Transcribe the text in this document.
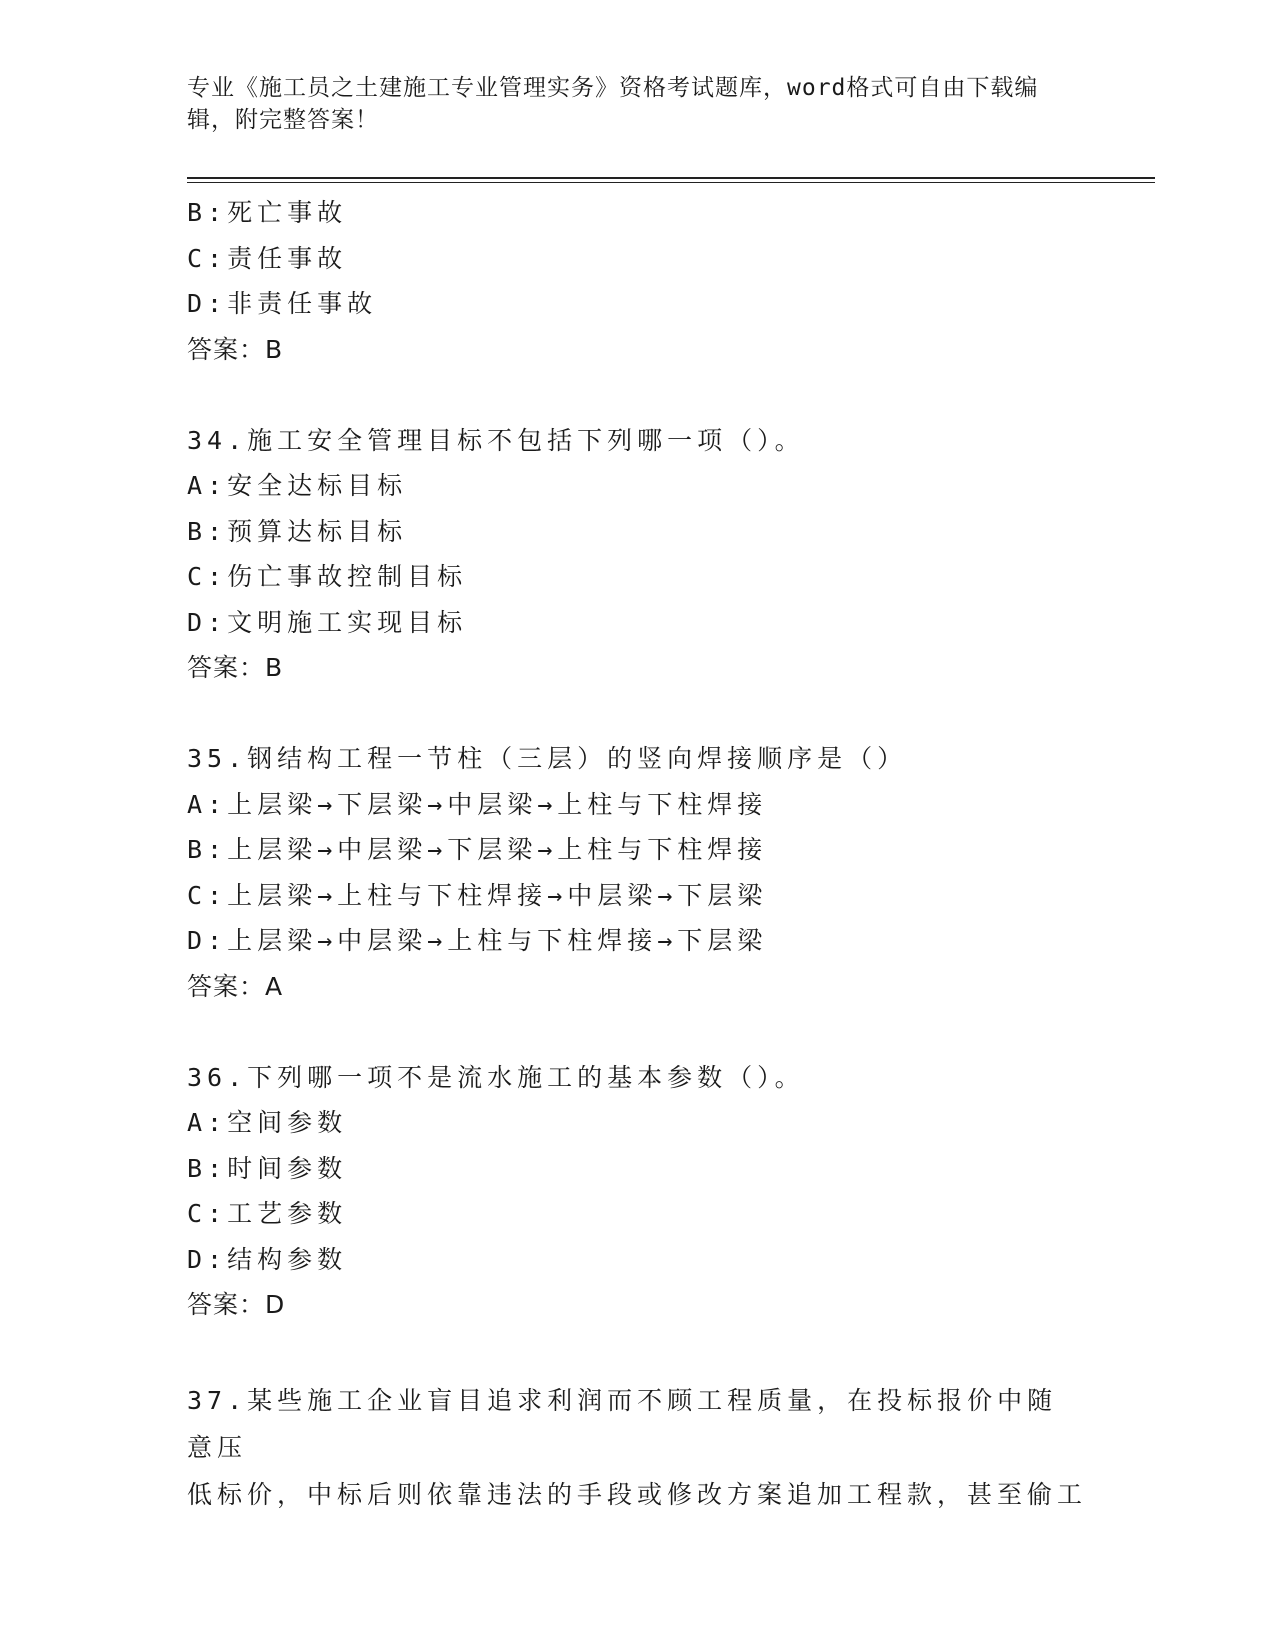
专业《施工员之土建施工专业管理实务》资格考试题库，word格式可自由下载编
辑，附完整答案！
B:死亡事故
C:责任事故
D:非责任事故
答案：B
34.施工安全管理目标不包括下列哪一项（）。
A:安全达标目标
B:预算达标目标
C:伤亡事故控制目标
D:文明施工实现目标
答案：B
35.钢结构工程一节柱（三层）的竖向焊接顺序是（）
A:上层梁→下层梁→中层梁→上柱与下柱焊接
B:上层梁→中层梁→下层梁→上柱与下柱焊接
C:上层梁→上柱与下柱焊接→中层梁→下层梁
D:上层梁→中层梁→上柱与下柱焊接→下层梁
答案：A
36.下列哪一项不是流水施工的基本参数（）。
A:空间参数
B:时间参数
C:工艺参数
D:结构参数
答案：D
37.某些施工企业盲目追求利润而不顾工程质量，在投标报价中随意压
低标价，中标后则依靠违法的手段或修改方案追加工程款，甚至偷工
